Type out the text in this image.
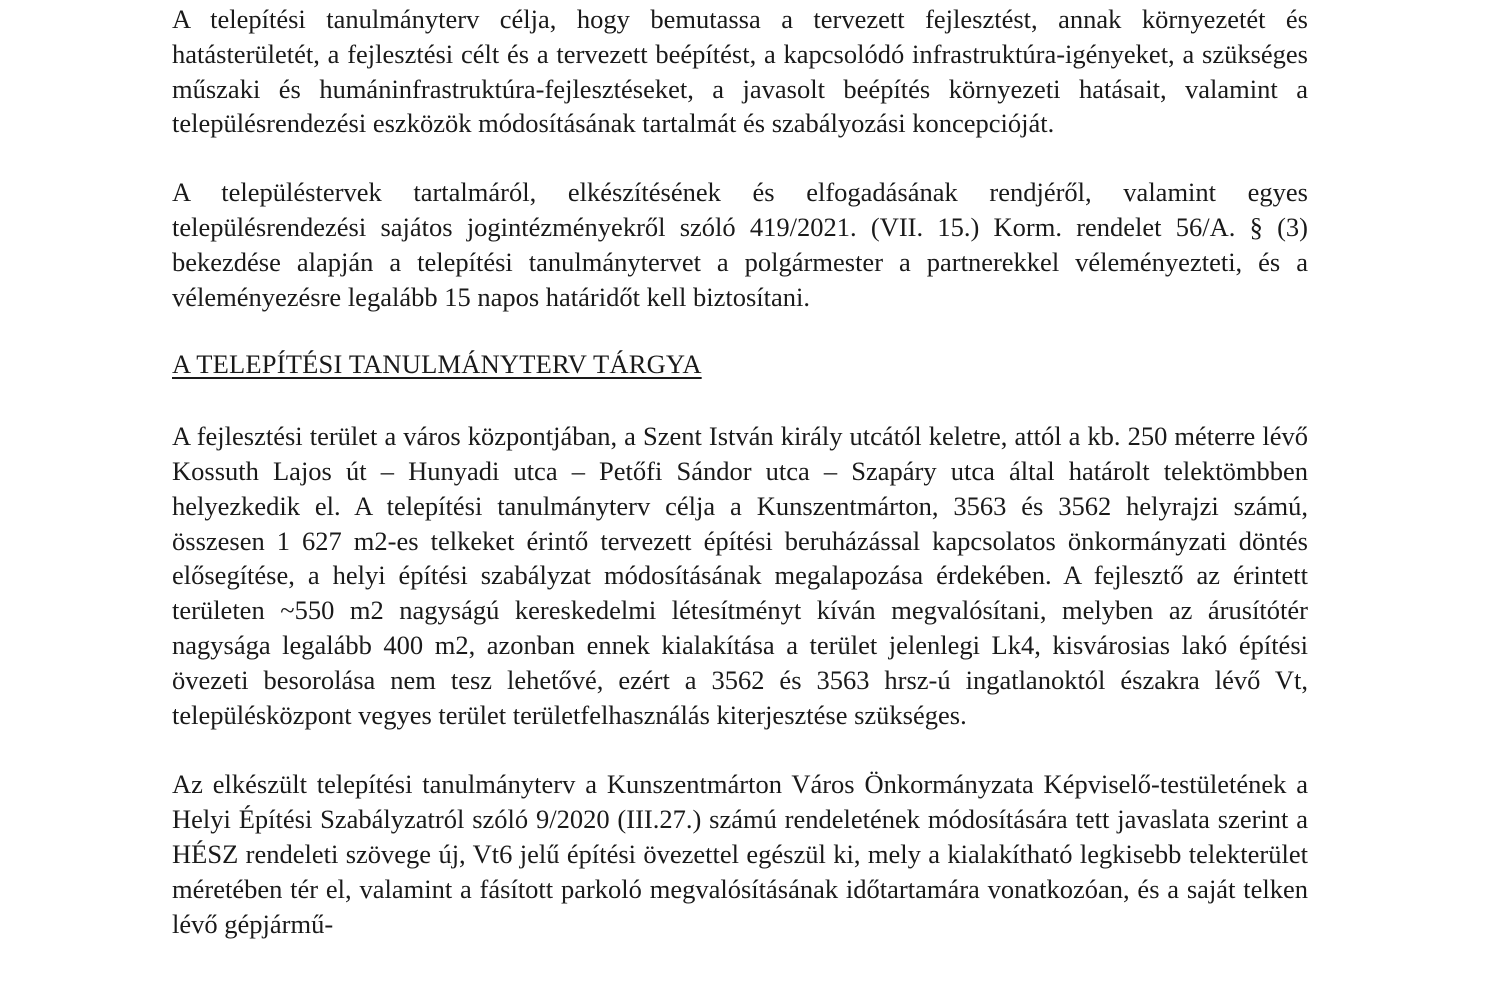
A telepítési tanulmányterv célja, hogy bemutassa a tervezett fejlesztést, annak környezetét és hatásterületét, a fejlesztési célt és a tervezett beépítést, a kapcsolódó infrastruktúra-igényeket, a szükséges műszaki és humáninfrastruktúra-fejlesztéseket, a javasolt beépítés környezeti hatásait, valamint a településrendezési eszközök módosításának tartalmát és szabályozási koncepcióját.

A településtervek tartalmáról, elkészítésének és elfogadásának rendjéről, valamint egyes településrendezési sajátos jogintézményekről szóló 419/2021. (VII. 15.) Korm. rendelet 56/A. § (3) bekezdése alapján a telepítési tanulmánytervet a polgármester a partnerekkel véleményezteti, és a véleményezésre legalább 15 napos határidőt kell biztosítani.

A TELEPÍTÉSI TANULMÁNYTERV TÁRGYA

A fejlesztési terület a város központjában, a Szent István király utcától keletre, attól a kb. 250 méterre lévő Kossuth Lajos út – Hunyadi utca – Petőfi Sándor utca – Szapáry utca által határolt telektömbben helyezkedik el. A telepítési tanulmányterv célja a Kunszentmárton, 3563 és 3562 helyrajzi számú, összesen 1 627 m2-es telkeket érintő tervezett építési beruházással kapcsolatos önkormányzati döntés elősegítése, a helyi építési szabályzat módosításának megalapozása érdekében. A fejlesztő az érintett területen ~550 m2 nagyságú kereskedelmi létesítményt kíván megvalósítani, melyben az árusítótér nagysága legalább 400 m2, azonban ennek kialakítása a terület jelenlegi Lk4, kisvárosias lakó építési övezeti besorolása nem tesz lehetővé, ezért a 3562 és 3563 hrsz-ú ingatlanoktól északra lévő Vt, településközpont vegyes terület területfelhasználás kiterjesztése szükséges.

Az elkészült telepítési tanulmányterv a Kunszentmárton Város Önkormányzata Képviselő-testületének a Helyi Építési Szabályzatról szóló 9/2020 (III.27.) számú rendeletének módosítására tett javaslata szerint a HÉSZ rendeleti szövege új, Vt6 jelű építési övezettel egészül ki, mely a kialakítható legkisebb telekterület méretében tér el, valamint a fásított parkoló megvalósításának időtartamára vonatkozóan, és a saját telken lévő gépjármű-
